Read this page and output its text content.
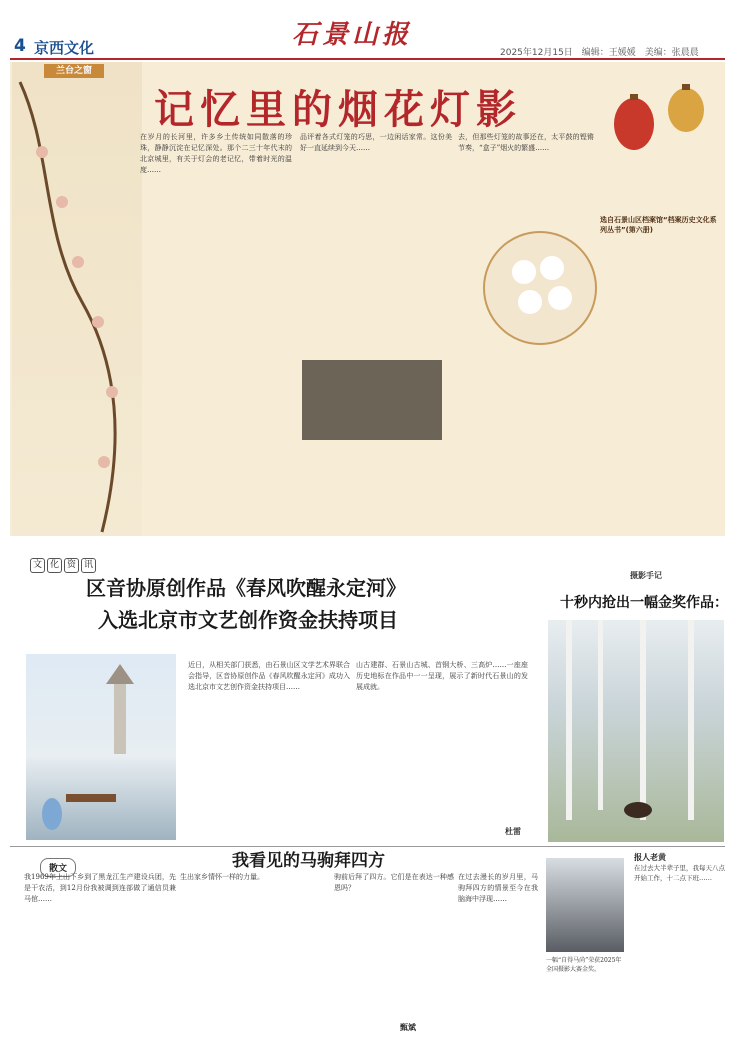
4 京西文化	石景山报
2025年12月15日　编辑：王媛媛　美编：张晨晨
兰台之窗
记忆里的烟花灯影
在岁月的长河里，许多乡土传统如同散落的珍珠，静静沉淀在记忆深处。那个二三十年代末的北京城里，有关于灯会的老记忆，带着时光的温度……
品评着各式灯笼的巧思，一边闲话家常。这份美好一直延续到今天……
去，但那些灯笼的故事还在，太平鼓的铿锵节奏，“盒子”烟火的繁盛……
选自石景山区档案馆“档案历史文化系列丛书”(第六册)
文 化 资 讯
区音协原创作品《春风吹醒永定河》
入选北京市文艺创作资金扶持项目
近日，从相关部门获悉，由石景山区文学艺术界联合会指导，区音协原创作品《春风吹醒永定河》成功入选北京市文艺创作资金扶持项目……
山古建群、石景山古城、首钢大桥、三高炉……一座座历史地标在作品中一一呈现，展示了新时代石景山的发展成就。
杜雷
摄影手记
十秒内抢出一幅金奖作品：
散文	我看见的马驹拜四方
我1969年上山下乡到了黑龙江生产建设兵团，先是干农活，到12月份我被调到连部做了通信员兼马倌……
生出家乡情怀一样的力量。	驹前后拜了四方。它们是在表达一种感恩吗？
在过去漫长的岁月里，马驹拜四方的情景至今在我脑海中浮现……
一幅“自得马尚”荣获2025年全国摄影大赛金奖。
报人老黄
在过去大半辈子里，我每天八点开始工作，十二点下班……
甄斌
